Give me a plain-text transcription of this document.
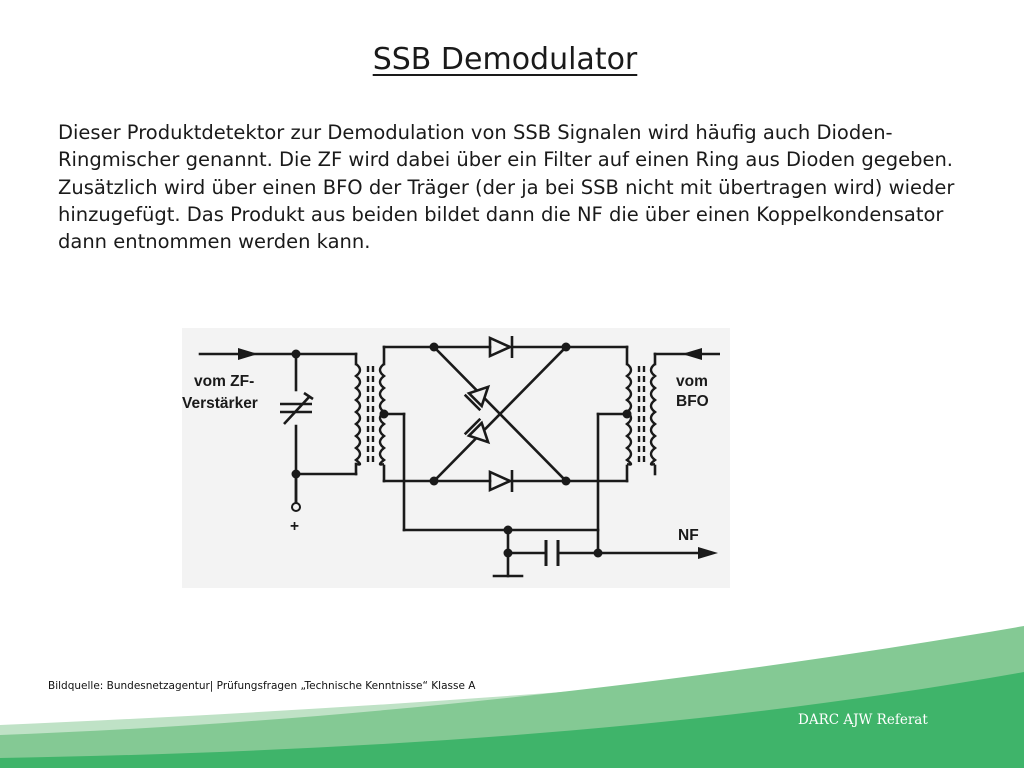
SSB Demodulator
Dieser Produktdetektor zur Demodulation von SSB Signalen wird häufig auch Dioden-Ringmischer genannt. Die ZF wird dabei über ein Filter auf einen Ring aus Dioden gegeben. Zusätzlich wird über einen BFO der Träger (der ja bei SSB nicht mit übertragen wird) wieder hinzugefügt. Das Produkt aus beiden bildet dann die NF die über einen Koppelkondensator dann entnommen werden kann.
vom ZF-
Verstärker
vom
BFO
NF
+
Bildquelle: Bundesnetzagentur| Prüfungsfragen „Technische Kenntnisse“ Klasse A
DARC AJW Referat
